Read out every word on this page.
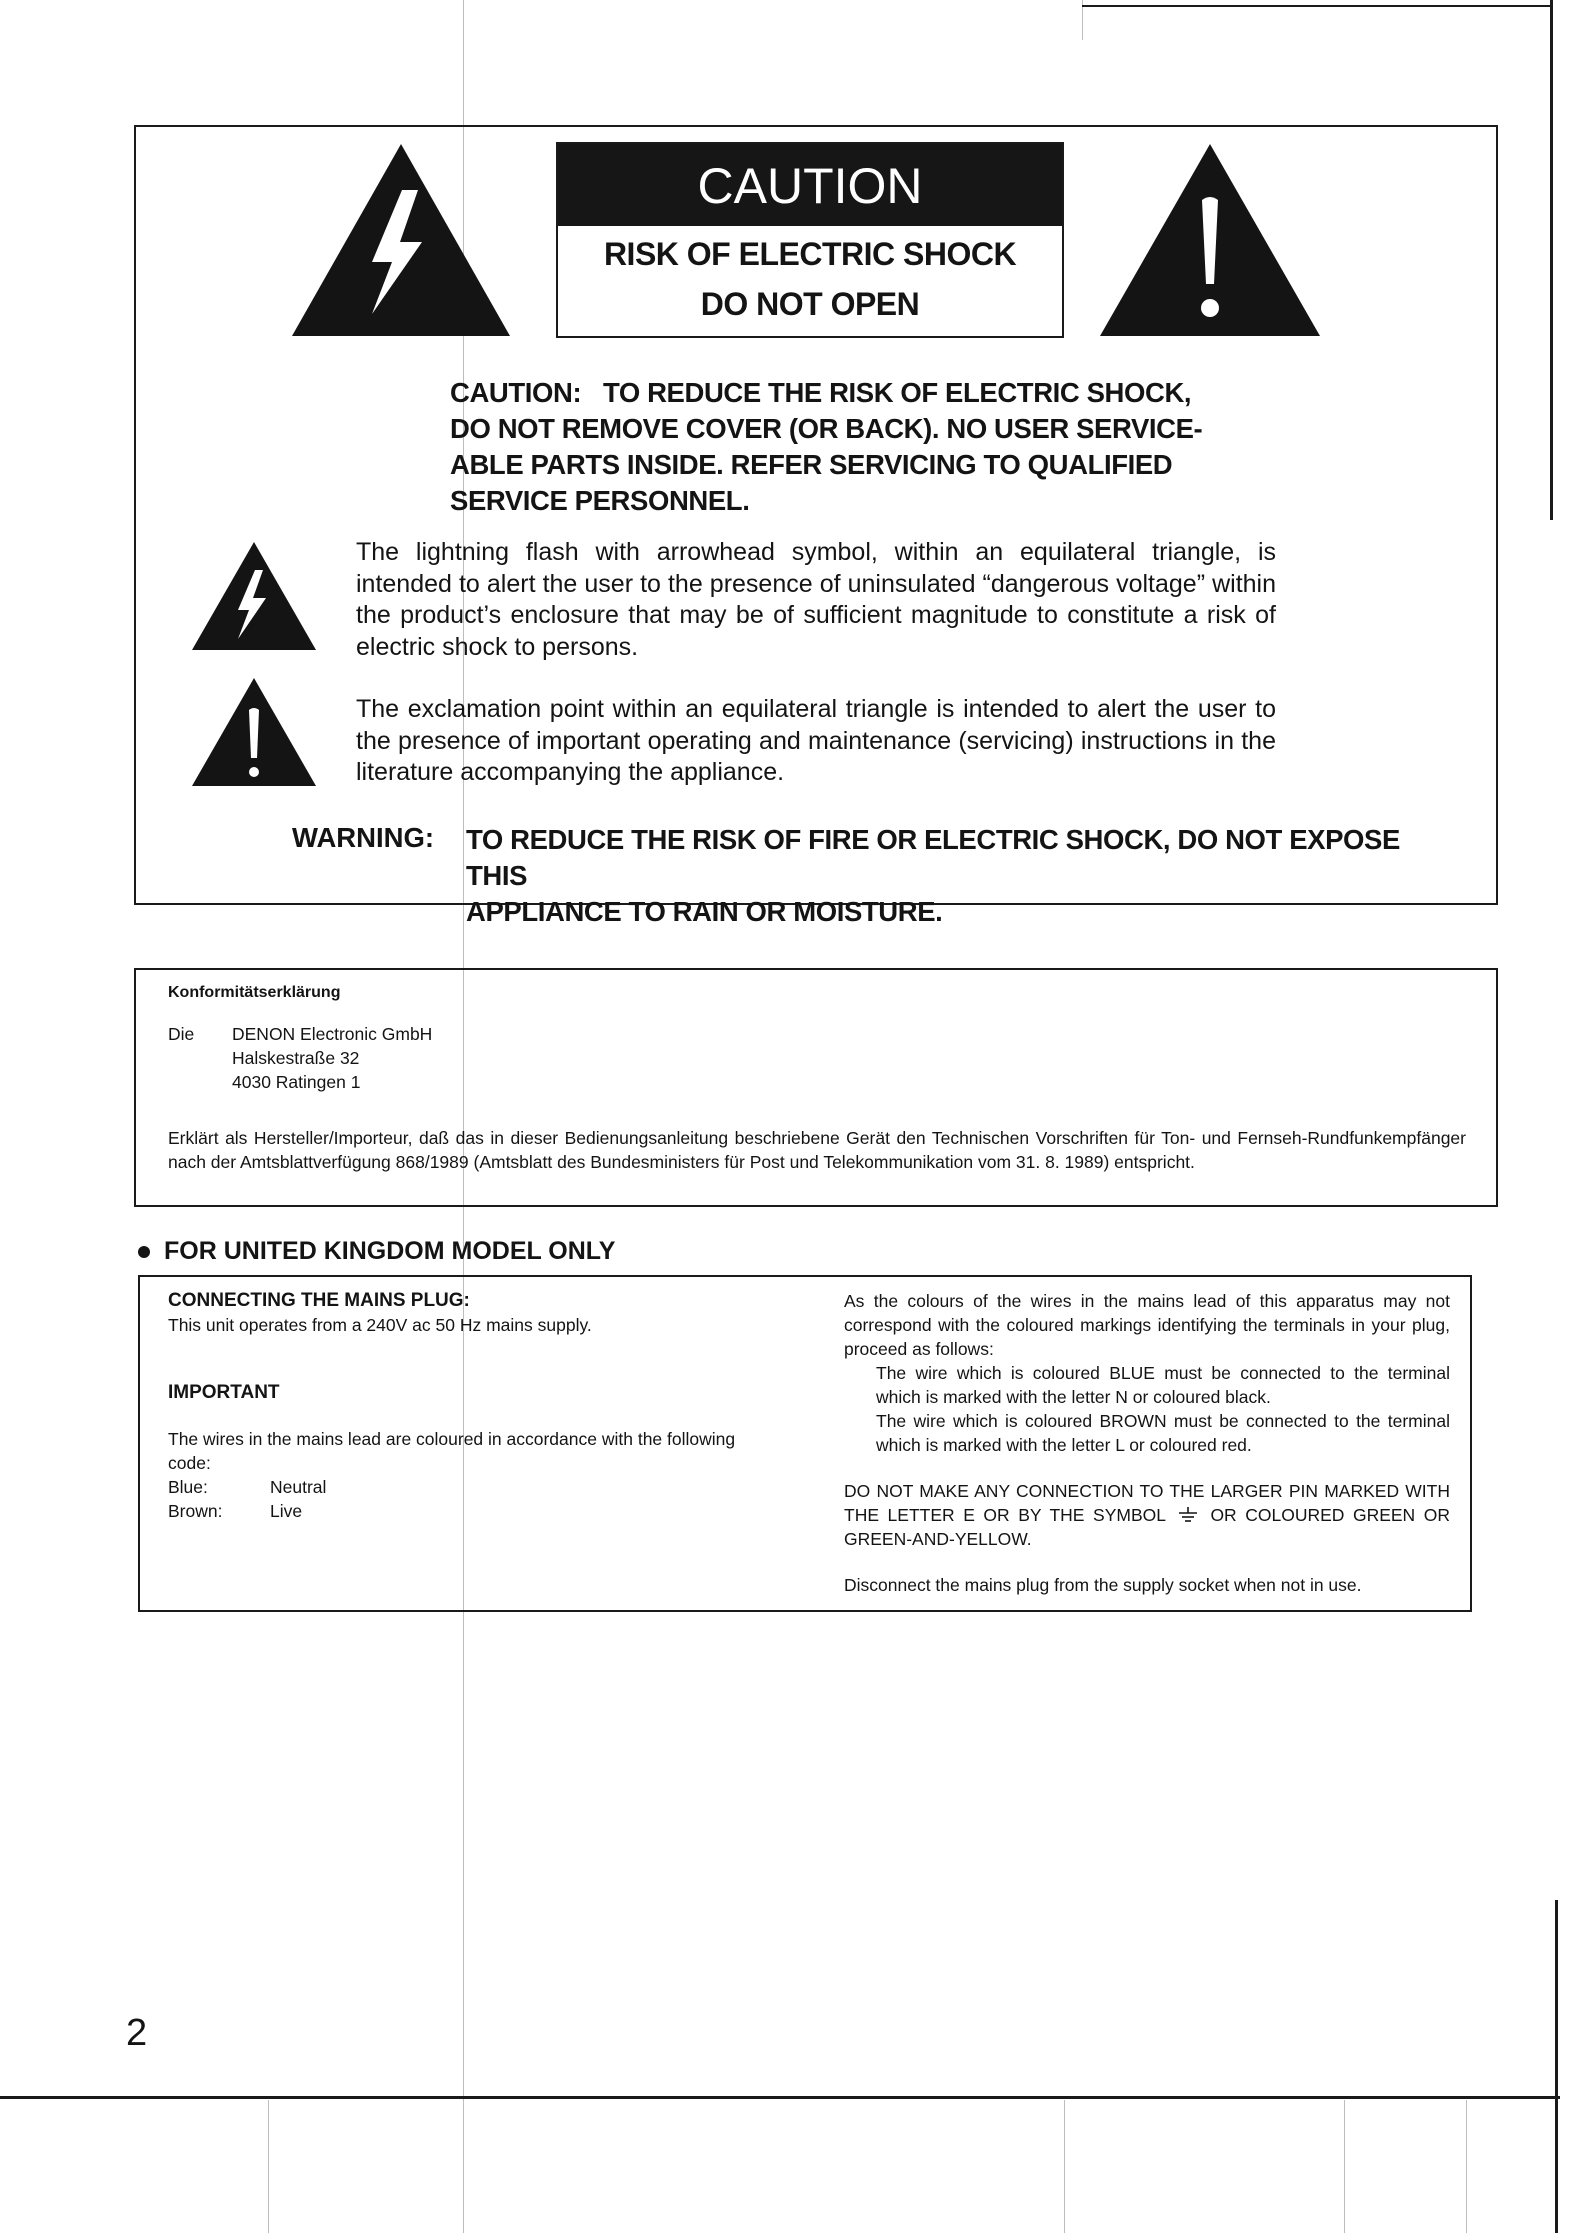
CAUTION
RISK OF ELECTRIC SHOCK
DO NOT OPEN
CAUTION:   TO REDUCE THE RISK OF ELECTRIC SHOCK,
DO NOT REMOVE COVER (OR BACK). NO USER SERVICE-
ABLE PARTS INSIDE. REFER SERVICING TO QUALIFIED
SERVICE PERSONNEL.
The lightning flash with arrowhead symbol, within an equilateral triangle, is intended to alert the user to the presence of uninsulated “dangerous voltage” within the product’s enclosure that may be of sufficient magnitude to constitute a risk of electric shock to persons.
The exclamation point within an equilateral triangle is intended to alert the user to the presence of important operating and maintenance (servicing) instructions in the literature accompanying the appliance.
WARNING: TO REDUCE THE RISK OF FIRE OR ELECTRIC SHOCK, DO NOT EXPOSE THIS
APPLIANCE TO RAIN OR MOISTURE.
Konformitätserklärung
Die DENON Electronic GmbH
Halskestraße 32
4030 Ratingen 1
Erklärt als Hersteller/Importeur, daß das in dieser Bedienungsanleitung beschriebene Gerät den Technischen Vorschriften für Ton- und Fernseh-Rundfunkempfänger nach der Amtsblattverfügung 868/1989 (Amtsblatt des Bundesministers für Post und Telekommunikation vom 31. 8. 1989) entspricht.
FOR UNITED KINGDOM MODEL ONLY
CONNECTING THE MAINS PLUG:
This unit operates from a 240V ac 50 Hz mains supply.
IMPORTANT
The wires in the mains lead are coloured in accordance with the following code:
Blue:	Neutral
Brown:	Live
As the colours of the wires in the mains lead of this apparatus may not correspond with the coloured markings identifying the terminals in your plug, proceed as follows:
The wire which is coloured BLUE must be connected to the terminal which is marked with the letter N or coloured black.
The wire which is coloured BROWN must be connected to the terminal which is marked with the letter L or coloured red.
DO NOT MAKE ANY CONNECTION TO THE LARGER PIN MARKED WITH THE LETTER E OR BY THE SYMBOL	OR COLOURED GREEN OR GREEN-AND-YELLOW.
Disconnect the mains plug from the supply socket when not in use.
2
